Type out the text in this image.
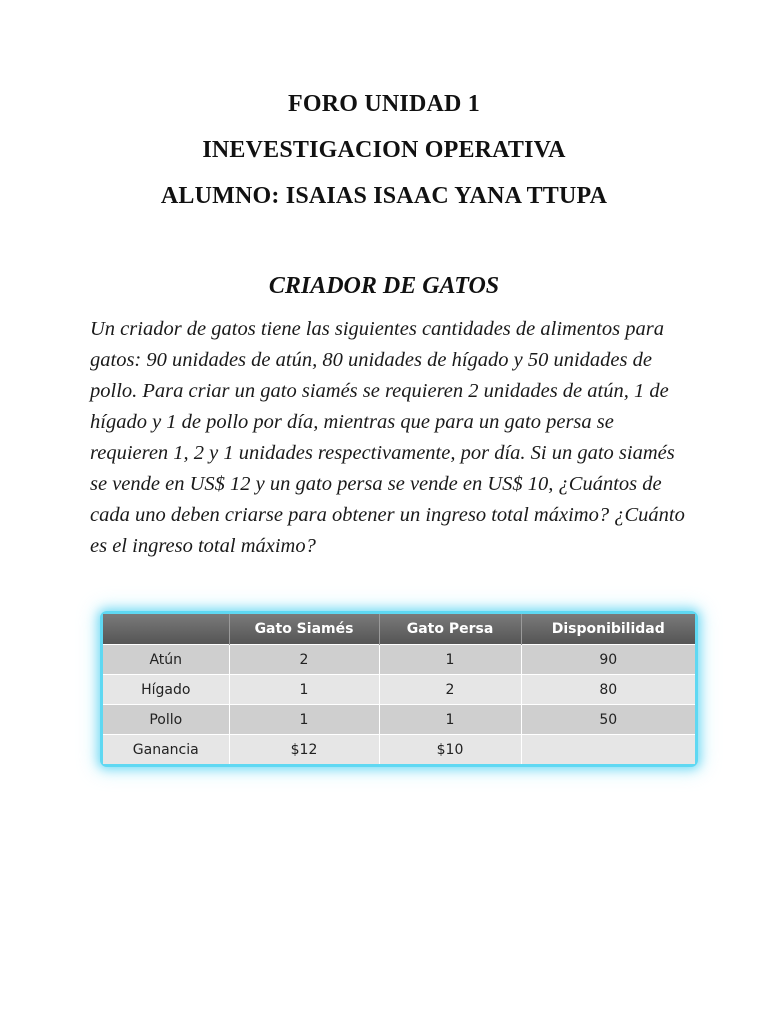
FORO UNIDAD 1
INEVESTIGACION OPERATIVA
ALUMNO: ISAIAS ISAAC YANA TTUPA
CRIADOR DE GATOS

Un criador de gatos tiene las siguientes cantidades de alimentos para gatos: 90 unidades de atún, 80 unidades de hígado y 50 unidades de pollo. Para criar un gato siamés se requieren 2 unidades de atún, 1 de hígado y 1 de pollo por día, mientras que para un gato persa se requieren 1, 2 y 1 unidades respectivamente, por día. Si un gato siamés se vende en US$ 12 y un gato persa se vende en US$ 10, ¿Cuántos de cada uno deben criarse para obtener un ingreso total máximo? ¿Cuánto es el ingreso total máximo?

	Gato Siamés	Gato Persa	Disponibilidad
Atún	2	1	90
Hígado	1	2	80
Pollo	1	1	50
Ganancia	$12	$10	
